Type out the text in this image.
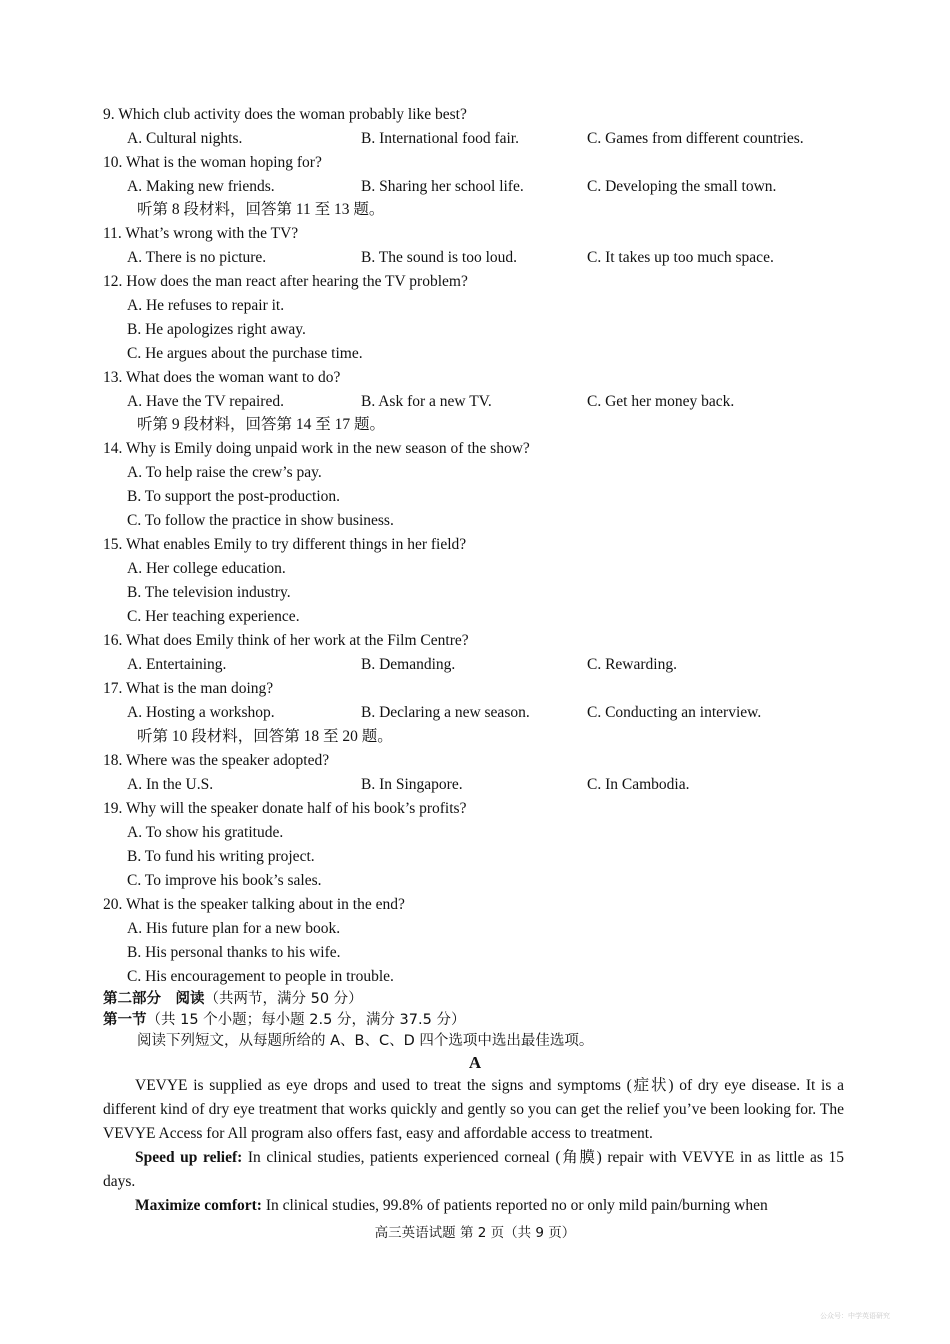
9. Which club activity does the woman probably like best?
A. Cultural nights.	B. International food fair.	C. Games from different countries.
10. What is the woman hoping for?
A. Making new friends.	B. Sharing her school life.	C. Developing the small town.
听第 8 段材料，回答第 11 至 13 题。
11. What’s wrong with the TV?
A. There is no picture.	B. The sound is too loud.	C. It takes up too much space.
12. How does the man react after hearing the TV problem?
A. He refuses to repair it.
B. He apologizes right away.
C. He argues about the purchase time.
13. What does the woman want to do?
A. Have the TV repaired.	B. Ask for a new TV.	C. Get her money back.
听第 9 段材料，回答第 14 至 17 题。
14. Why is Emily doing unpaid work in the new season of the show?
A. To help raise the crew’s pay.
B. To support the post-production.
C. To follow the practice in show business.
15. What enables Emily to try different things in her field?
A. Her college education.
B. The television industry.
C. Her teaching experience.
16. What does Emily think of her work at the Film Centre?
A. Entertaining.	B. Demanding.	C. Rewarding.
17. What is the man doing?
A. Hosting a workshop.	B. Declaring a new season.	C. Conducting an interview.
听第 10 段材料，回答第 18 至 20 题。
18. Where was the speaker adopted?
A. In the U.S.	B. In Singapore.	C. In Cambodia.
19. Why will the speaker donate half of his book’s profits?
A. To show his gratitude.
B. To fund his writing project.
C. To improve his book’s sales.
20. What is the speaker talking about in the end?
A. His future plan for a new book.
B. His personal thanks to his wife.
C. His encouragement to people in trouble.
第二部分　阅读（共两节，满分 50 分）
第一节（共 15 个小题；每小题 2.5 分，满分 37.5 分）
阅读下列短文，从每题所给的 A、B、C、D 四个选项中选出最佳选项。
A
VEVYE is supplied as eye drops and used to treat the signs and symptoms (症状) of dry eye disease. It is a different kind of dry eye treatment that works quickly and gently so you can get the relief you’ve been looking for. The VEVYE Access for All program also offers fast, easy and affordable access to treatment.
Speed up relief: In clinical studies, patients experienced corneal (角膜) repair with VEVYE in as little as 15 days.
Maximize comfort: In clinical studies, 99.8% of patients reported no or only mild pain/burning when
高三英语试题 第 2 页（共 9 页）
公众号：中学英语研究
